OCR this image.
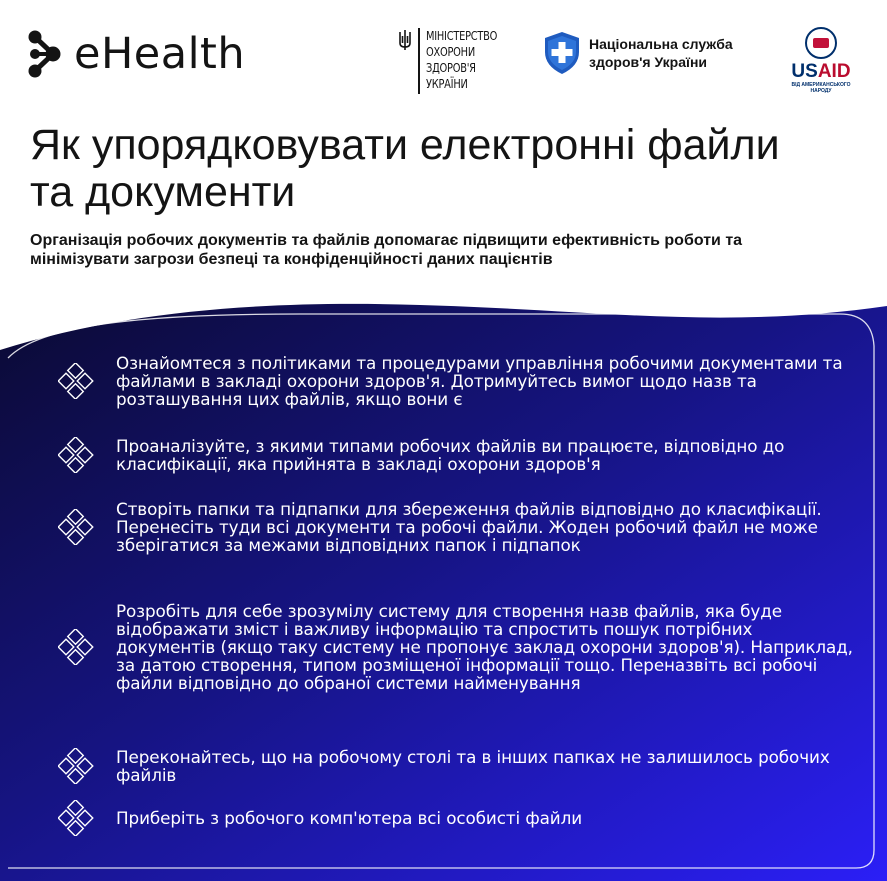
eHealth	МІНІСТЕРСТВО ОХОРОНИ ЗДОРОВ'Я УКРАЇНИ
Національна служба здоров'я України	USAID
ВІД АМЕРИКАНСЬКОГО НАРОДУ
Як упорядковувати електронні файли та документи
Організація робочих документів та файлів допомагає підвищити ефективність роботи та мінімізувати загрози безпеці та конфіденційності даних пацієнтів
Ознайомтеся з політиками та процедурами управління робочими документами та файлами в закладі охорони здоров'я. Дотримуйтесь вимог щодо назв та розташування цих файлів, якщо вони є
Проаналізуйте, з якими типами робочих файлів ви працюєте, відповідно до класифікації, яка прийнята в закладі охорони здоров'я
Створіть папки та підпапки для збереження файлів відповідно до класифікації. Перенесіть туди всі документи та робочі файли. Жоден робочий файл не може зберігатися за межами відповідних папок і підпапок
Розробіть для себе зрозумілу систему для створення назв файлів, яка буде відображати зміст і важливу інформацію та спростить пошук потрібних документів (якщо таку систему не пропонує заклад охорони здоров'я). Наприклад, за датою створення, типом розміщеної інформації тощо. Переназвіть всі робочі файли відповідно до обраної системи найменування
Переконайтесь, що на робочому столі та в інших папках не залишилось робочих файлів
Приберіть з робочого комп'ютера всі особисті файли
